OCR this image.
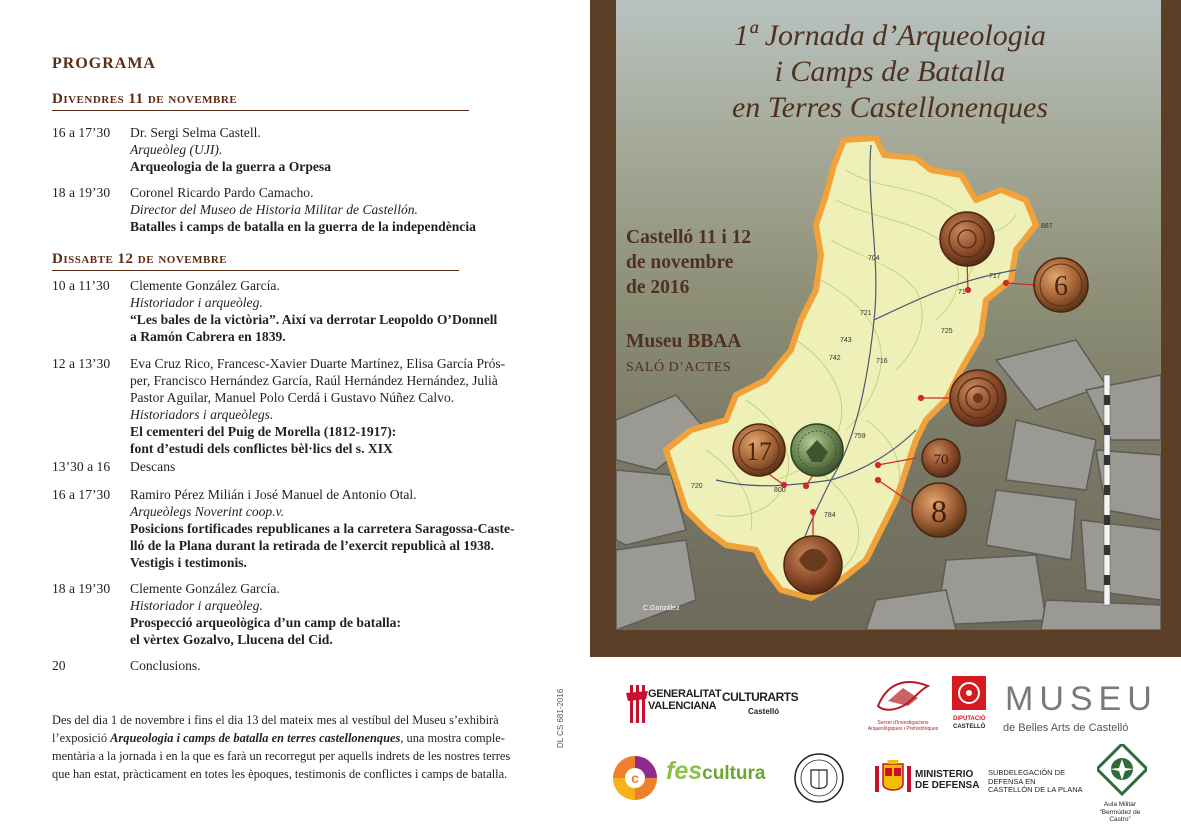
PROGRAMA
Divendres 11 de novembre
16 a 17’30	Dr. Sergi Selma Castell.
Arqueòleg (UJI).
Arqueologia de la guerra a Orpesa
18 a 19’30	Coronel Ricardo Pardo Camacho.
Director del Museo de Historia Militar de Castellón.
Batalles i camps de batalla en la guerra de la independència
Dissabte 12 de novembre
10 a 11’30	Clemente González García.
Historiador i arqueòleg.
“Les bales de la victòria”. Així va derrotar Leopoldo O’Donnell
a Ramón Cabrera en 1839.
12 a 13’30	Eva Cruz Rico, Francesc-Xavier Duarte Martínez, Elisa García Prós-
per, Francisco Hernández García, Raúl Hernández Hernández, Julià
Pastor Aguilar, Manuel Polo Cerdá i Gustavo Núñez Calvo.
Historiadors i arqueòlegs.
El cementeri del Puig de Morella (1812-1917):
font d’estudi dels conflictes bèl·lics del s. XIX
13’30 a 16	Descans
16 a 17’30	Ramiro Pérez Milián i José Manuel de Antonio Otal.
Arqueòlegs Noverint coop.v.
Posicions fortificades republicanes a la carretera Saragossa-Caste-
lló de la Plana durant la retirada de l’exercit republicà al 1938.
Vestigis i testimonis.
18 a 19’30	Clemente González García.
Historiador i arqueòleg.
Prospecció arqueològica d’un camp de batalla:
el vèrtex Gozalvo, Llucena del Cid.
20	Conclusions.
Des del dia 1 de novembre i fins el dia 13 del mateix mes al vestíbul del Museu s’exhibirà
l’exposició Arqueologia i camps de batalla en terres castellonenques, una mostra comple-
mentària a la jornada i en la que es farà un recorregut per aquells indrets de les nostres terres
que han estat, pràcticament en totes les èpoques, testimonis de conflictes i camps de batalla.
DL CS 681-2016
887
717
71
704
721
725
743
742	716
759
720
800
784
6
17	70
8
1ª Jornada d’Arqueologia
i Camps de Batalla
en Terres Castellonenques
Castelló 11 i 12
de novembre
de 2016
Museu BBAA
SALÓ D’ACTES
C.González
GENERALITAT
VALENCIANA
CULTURARTS
Castelló
Servei d’Investigacions
Arqueològiques i Prehistòriques
DIPUTACIÓ
CASTELLÓ
MUSEU
de Belles Arts de Castelló
c fescultura	MINISTERIO
DE DEFENSA
SUBDELEGACIÓN DE
DEFENSA EN
CASTELLÓN DE LA PLANA
Aula Militar
“Bermúdez de Castro”
